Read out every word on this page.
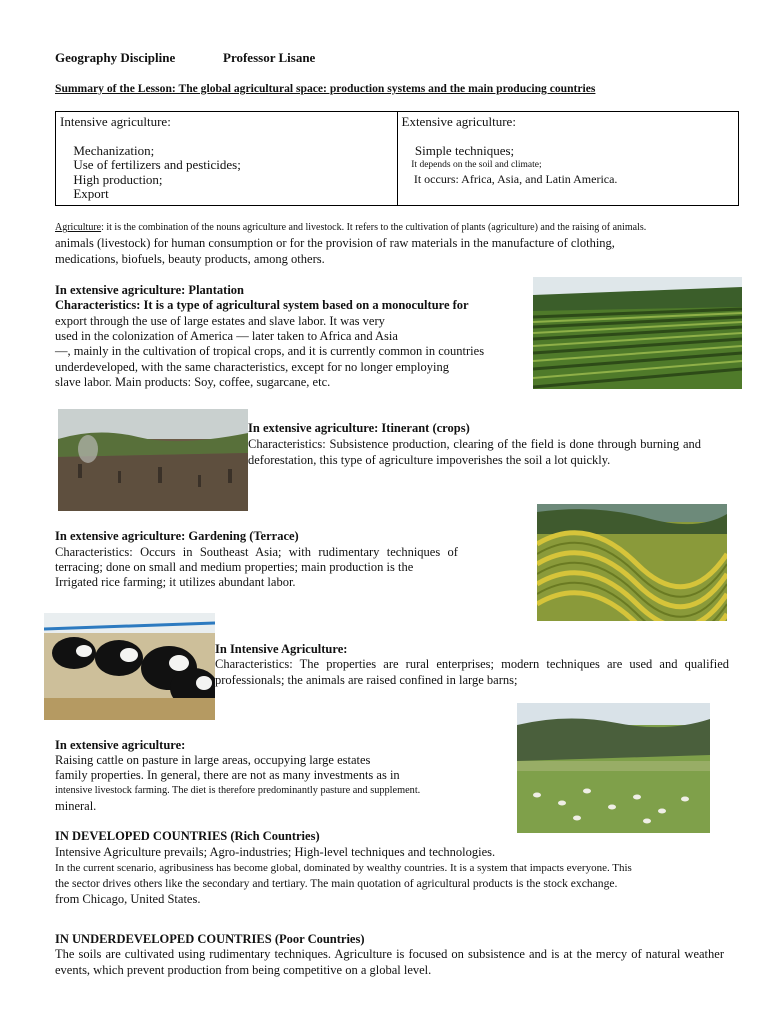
Geography Discipline	Professor Lisane
Summary of the Lesson: The global agricultural space: production systems and the main producing countries
Intensive agriculture:
Mechanization;
Use of fertilizers and pesticides;
High production;
Export

Extensive agriculture:
Simple techniques;
It depends on the soil and climate;
It occurs: Africa, Asia, and Latin America.
Agriculture: it is the combination of the nouns agriculture and livestock. It refers to the cultivation of plants (agriculture) and the raising of animals.
animals (livestock) for human consumption or for the provision of raw materials in the manufacture of clothing,
medications, biofuels, beauty products, among others.
In extensive agriculture: Plantation
Characteristics: It is a type of agricultural system based on a monoculture for
export through the use of large estates and slave labor. It was very
used in the colonization of America — later taken to Africa and Asia
—, mainly in the cultivation of tropical crops, and it is currently common in countries
underdeveloped, with the same characteristics, except for no longer employing
slave labor. Main products: Soy, coffee, sugarcane, etc.
In extensive agriculture: Itinerant (crops)
Characteristics: Subsistence production, clearing of the field is done through burning and deforestation, this type of agriculture impoverishes the soil a lot quickly.
In extensive agriculture: Gardening (Terrace)
Characteristics: Occurs in Southeast Asia; with rudimentary techniques of
terracing; done on small and medium properties; main production is the
Irrigated rice farming; it utilizes abundant labor.
In Intensive Agriculture:
Characteristics: The properties are rural enterprises; modern techniques are used and qualified professionals; the animals are raised confined in large barns;
In extensive agriculture:
Raising cattle on pasture in large areas, occupying large estates
family properties. In general, there are not as many investments as in
intensive livestock farming. The diet is therefore predominantly pasture and supplement.
mineral.
IN DEVELOPED COUNTRIES (Rich Countries)
Intensive Agriculture prevails; Agro-industries; High-level techniques and technologies.
In the current scenario, agribusiness has become global, dominated by wealthy countries. It is a system that impacts everyone. This
the sector drives others like the secondary and tertiary. The main quotation of agricultural products is the stock exchange.
from Chicago, United States.
IN UNDERDEVELOPED COUNTRIES (Poor Countries)
The soils are cultivated using rudimentary techniques. Agriculture is focused on subsistence and is at the mercy of natural weather events, which prevent production from being competitive on a global level.
